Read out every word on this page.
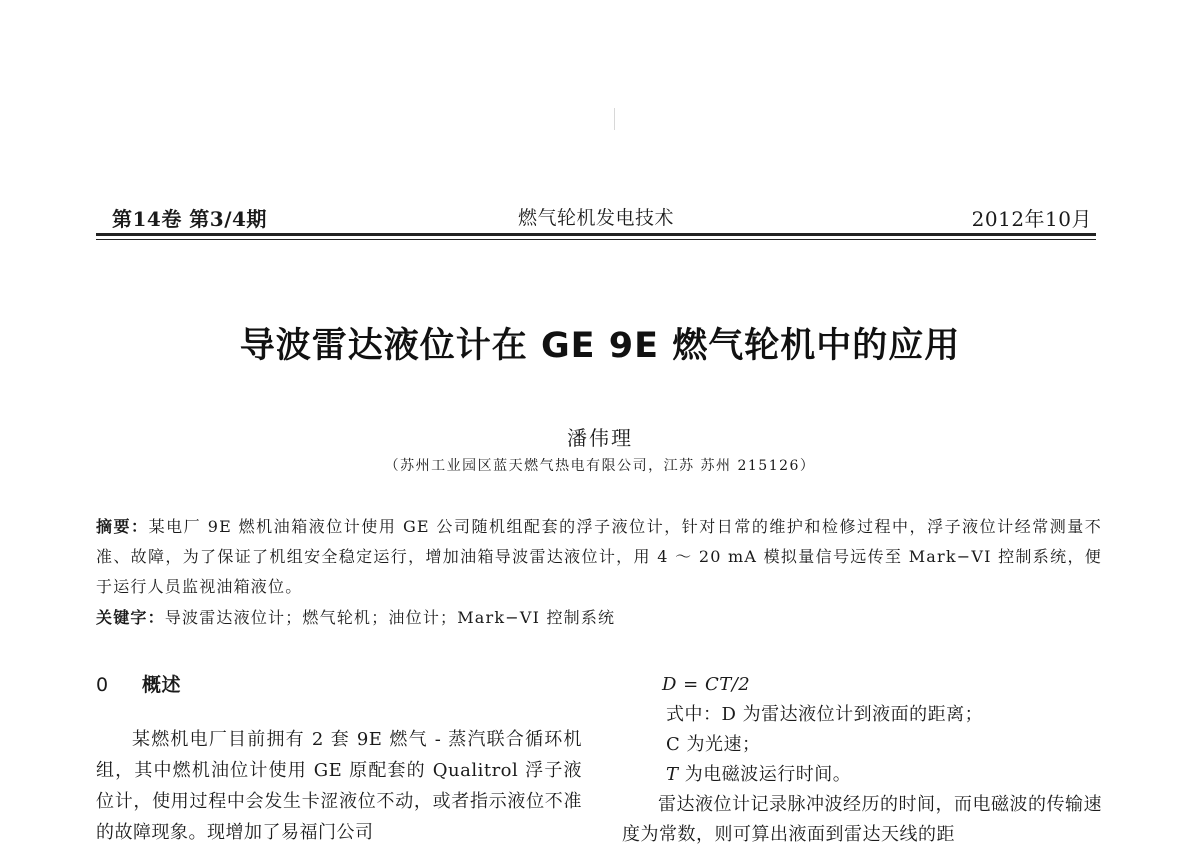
第14卷 第3/4期	燃气轮机发电技术	2012年10月
导波雷达液位计在 GE 9E 燃气轮机中的应用
潘伟理
（苏州工业园区蓝天燃气热电有限公司，江苏 苏州 215126）
摘要：某电厂 9E 燃机油箱液位计使用 GE 公司随机组配套的浮子液位计，针对日常的维护和检修过程中，浮子液位计经常测量不准、故障，为了保证了机组安全稳定运行，增加油箱导波雷达液位计，用 4 ～ 20 mA 模拟量信号远传至 Mark−VI 控制系统，便于运行人员监视油箱液位。
关键字：导波雷达液位计；燃气轮机；油位计；Mark−VI 控制系统
0 概述

某燃机电厂目前拥有 2 套 9E 燃气 - 蒸汽联合循环机组，其中燃机油位计使用 GE 原配套的 Qualitrol 浮子液位计，使用过程中会发生卡涩液位不动，或者指示液位不准的故障现象。现增加了易福门公司

D = CT/2

式中：D 为雷达液位计到液面的距离；

C 为光速；

T 为电磁波运行时间。

雷达液位计记录脉冲波经历的时间，而电磁波的传输速度为常数，则可算出液面到雷达天线的距
